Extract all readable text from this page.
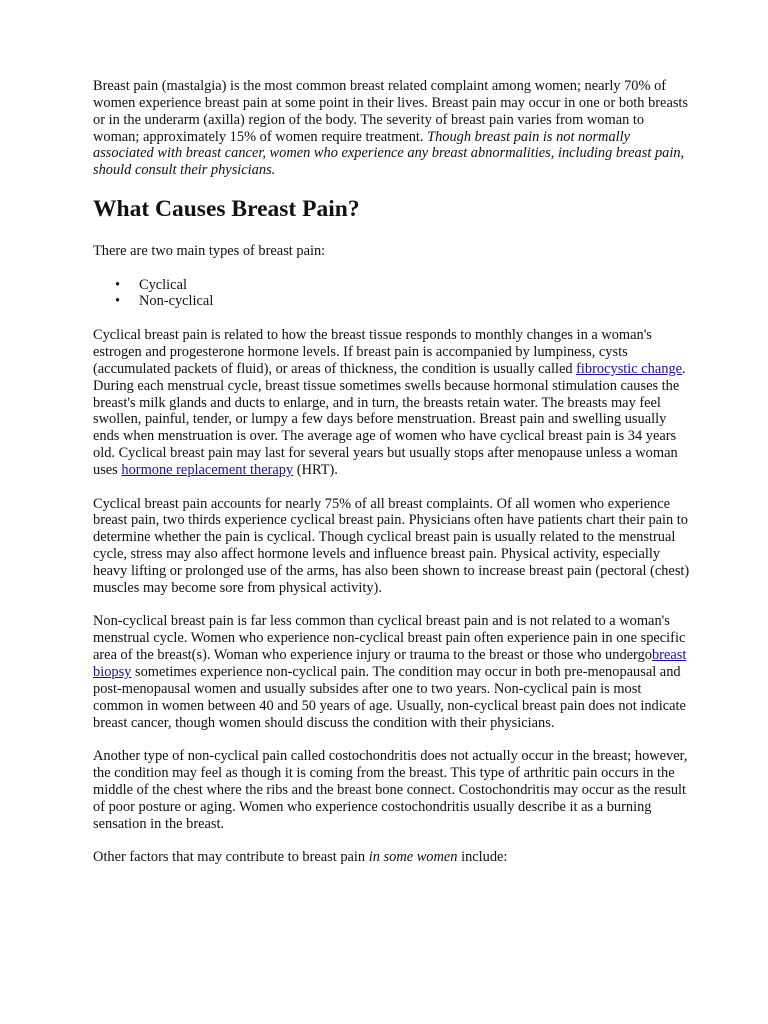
Breast pain (mastalgia) is the most common breast related complaint among women; nearly 70% of women experience breast pain at some point in their lives. Breast pain may occur in one or both breasts or in the underarm (axilla) region of the body. The severity of breast pain varies from woman to woman; approximately 15% of women require treatment. Though breast pain is not normally associated with breast cancer, women who experience any breast abnormalities, including breast pain, should consult their physicians.

What Causes Breast Pain?

There are two main types of breast pain:

• Cyclical
• Non-cyclical

Cyclical breast pain is related to how the breast tissue responds to monthly changes in a woman's estrogen and progesterone hormone levels. If breast pain is accompanied by lumpiness, cysts (accumulated packets of fluid), or areas of thickness, the condition is usually called fibrocystic change. During each menstrual cycle, breast tissue sometimes swells because hormonal stimulation causes the breast's milk glands and ducts to enlarge, and in turn, the breasts retain water. The breasts may feel swollen, painful, tender, or lumpy a few days before menstruation. Breast pain and swelling usually ends when menstruation is over. The average age of women who have cyclical breast pain is 34 years old. Cyclical breast pain may last for several years but usually stops after menopause unless a woman uses hormone replacement therapy (HRT).

Cyclical breast pain accounts for nearly 75% of all breast complaints. Of all women who experience breast pain, two thirds experience cyclical breast pain. Physicians often have patients chart their pain to determine whether the pain is cyclical. Though cyclical breast pain is usually related to the menstrual cycle, stress may also affect hormone levels and influence breast pain. Physical activity, especially heavy lifting or prolonged use of the arms, has also been shown to increase breast pain (pectoral (chest) muscles may become sore from physical activity).

Non-cyclical breast pain is far less common than cyclical breast pain and is not related to a woman's menstrual cycle. Women who experience non-cyclical breast pain often experience pain in one specific area of the breast(s). Woman who experience injury or trauma to the breast or those who undergobreast biopsy sometimes experience non-cyclical pain. The condition may occur in both pre-menopausal and post-menopausal women and usually subsides after one to two years. Non-cyclical pain is most common in women between 40 and 50 years of age. Usually, non-cyclical breast pain does not indicate breast cancer, though women should discuss the condition with their physicians.

Another type of non-cyclical pain called costochondritis does not actually occur in the breast; however, the condition may feel as though it is coming from the breast. This type of arthritic pain occurs in the middle of the chest where the ribs and the breast bone connect. Costochondritis may occur as the result of poor posture or aging. Women who experience costochondritis usually describe it as a burning sensation in the breast.

Other factors that may contribute to breast pain in some women include:
